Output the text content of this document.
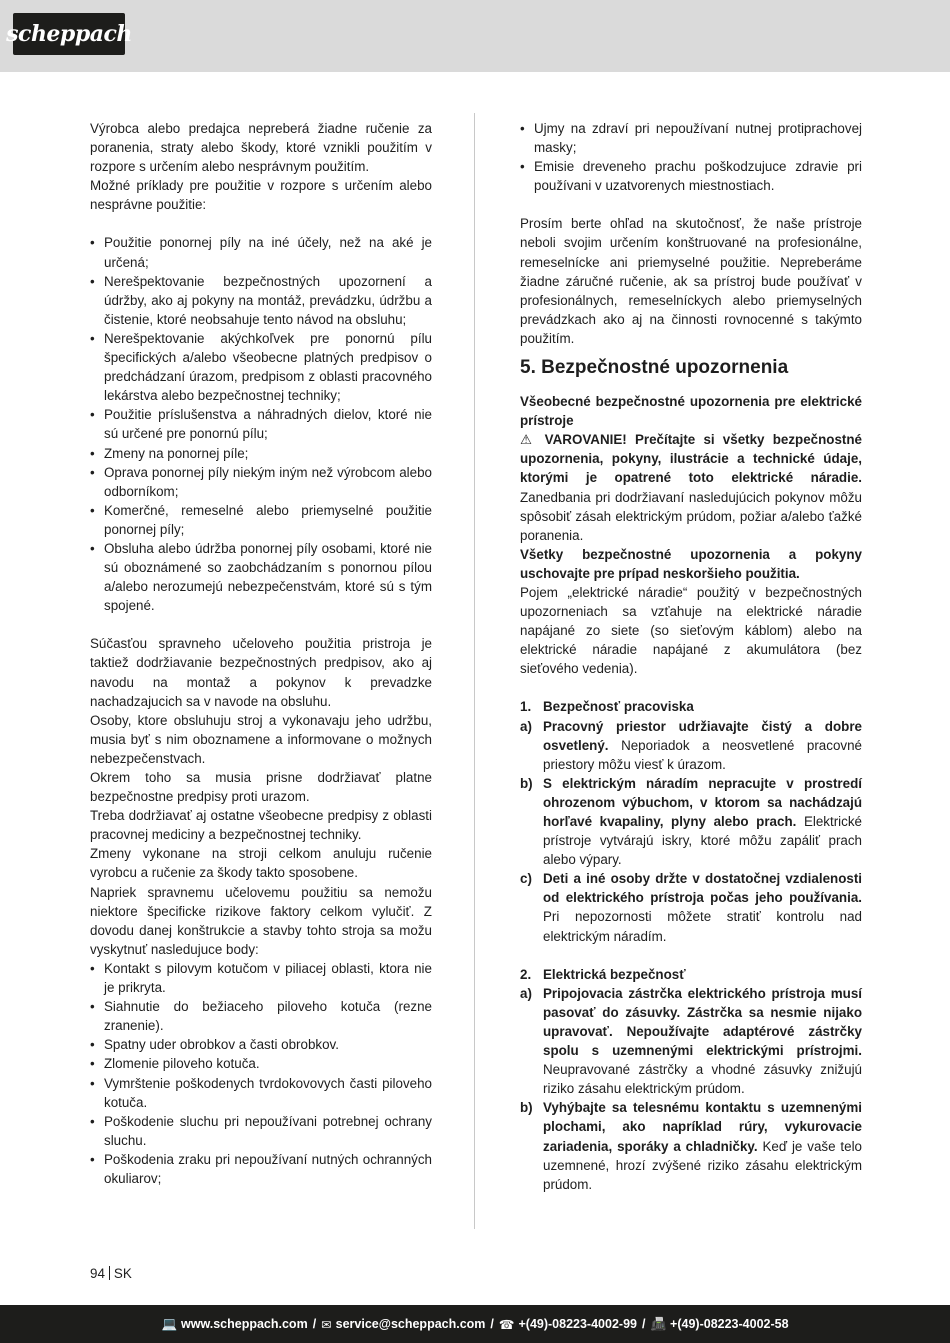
scheppach

Výrobca alebo predajca nepreberá žiadne ručenie za poranenia, straty alebo škody, ktoré vznikli použitím v rozpore s určením alebo nesprávnym použitím.

Možné príklady pre použitie v rozpore s určením alebo nesprávne použitie:

• Použitie ponornej píly na iné účely, než na aké je určená;
• Nerešpektovanie bezpečnostných upozornení a údržby, ako aj pokyny na montáž, prevádzku, údržbu a čistenie, ktoré neobsahuje tento návod na obsluhu;
• Nerešpektovanie akýchkoľvek pre ponornú pílu špecifických a/alebo všeobecne platných predpisov o predchádzaní úrazom, predpisom z oblasti pracovného lekárstva alebo bezpečnostnej techniky;
• Použitie príslušenstva a náhradných dielov, ktoré nie sú určené pre ponornú pílu;
• Zmeny na ponornej píle;
• Oprava ponornej píly niekým iným než výrobcom alebo odborníkom;
• Komerčné, remeselné alebo priemyselné použitie ponornej píly;
• Obsluha alebo údržba ponornej píly osobami, ktoré nie sú oboznámené so zaobchádzaním s ponornou pílou a/alebo nerozumejú nebezpečenstvám, ktoré sú s tým spojené.

Súčasťou spravneho učeloveho použitia pristroja je taktiež dodržiavanie bezpečnostných predpisov, ako aj navodu na montaž a pokynov k prevadzke nachadzajucich sa v navode na obsluhu.

Osoby, ktore obsluhuju stroj a vykonavaju jeho udržbu, musia byť s nim oboznamene a informovane o možnych nebezpečenstvach.

Okrem toho sa musia prisne dodržiavať platne bezpečnostne predpisy proti urazom.

Treba dodržiavať aj ostatne všeobecne predpisy z oblasti pracovnej mediciny a bezpečnostnej techniky.

Zmeny vykonane na stroji celkom anuluju ručenie vyrobcu a ručenie za škody takto sposobene.

Napriek spravnemu učelovemu použitiu sa nemožu niektore špecificke rizikove faktory celkom vylučiť. Z dovodu danej konštrukcie a stavby tohto stroja sa možu vyskytnuť nasledujuce body:

• Kontakt s pilovym kotučom v piliacej oblasti, ktora nie je prikryta.
• Siahnutie do bežiaceho piloveho kotuča (rezne zranenie).
• Spatny uder obrobkov a časti obrobkov.
• Zlomenie piloveho kotuča.
• Vymrštenie poškodenych tvrdokovovych časti piloveho kotuča.
• Poškodenie sluchu pri nepoužívani potrebnej ochrany sluchu.
• Poškodenia zraku pri nepoužívaní nutných ochranných okuliarov;
• Ujmy na zdraví pri nepoužívaní nutnej protiprachovej masky;
• Emisie dreveneho prachu poškodzujuce zdravie pri používani v uzatvorenych miestnostiach.

Prosím berte ohľad na skutočnosť, že naše prístroje neboli svojim určením konštruované na profesionálne, remeselnícke ani priemyselné použitie. Nepreberáme žiadne záručné ručenie, ak sa prístroj bude používať v profesionálnych, remeselníckych alebo priemyselných prevádzkach ako aj na činnosti rovnocenné s takýmto použitím.

5. Bezpečnostné upozornenia

Všeobecné bezpečnostné upozornenia pre elektrické prístroje

⚠ VAROVANIE! Prečítajte si všetky bezpečnostné upozornenia, pokyny, ilustrácie a technické údaje, ktorými je opatrené toto elektrické náradie. Zanedbania pri dodržiavaní nasledujúcich pokynov môžu spôsobiť zásah elektrickým prúdom, požiar a/alebo ťažké poranenia.

Všetky bezpečnostné upozornenia a pokyny uschovajte pre prípad neskoršieho použitia.

Pojem „elektrické náradie“ použitý v bezpečnostných upozorneniach sa vzťahuje na elektrické náradie napájané zo siete (so sieťovým káblom) alebo na elektrické náradie napájané z akumulátora (bez sieťového vedenia).

1. Bezpečnosť pracoviska
a) Pracovný priestor udržiavajte čistý a dobre osvetlený. Neporiadok a neosvetlené pracovné priestory môžu viesť k úrazom.
b) S elektrickým náradím nepracujte v prostredí ohrozenom výbuchom, v ktorom sa nachádzajú horľavé kvapaliny, plyny alebo prach. Elektrické prístroje vytvárajú iskry, ktoré môžu zapáliť prach alebo výpary.
c) Deti a iné osoby držte v dostatočnej vzdialenosti od elektrického prístroja počas jeho používania. Pri nepozornosti môžete stratiť kontrolu nad elektrickým náradím.
2. Elektrická bezpečnosť
a) Pripojovacia zástrčka elektrického prístroja musí pasovať do zásuvky. Zástrčka sa nesmie nijako upravovať. Nepoužívajte adaptérové zástrčky spolu s uzemnenými elektrickými prístrojmi. Neupravované zástrčky a vhodné zásuvky znižujú riziko zásahu elektrickým prúdom.
b) Vyhýbajte sa telesnému kontaktu s uzemnenými plochami, ako napríklad rúry, vykurovacie zariadenia, sporáky a chladničky. Keď je vaše telo uzemnené, hrozí zvýšené riziko zásahu elektrickým prúdom.
94 SK
💻 www.scheppach.com / ✉ service@scheppach.com / ☎ +(49)-08223-4002-99 / 📠 +(49)-08223-4002-58
